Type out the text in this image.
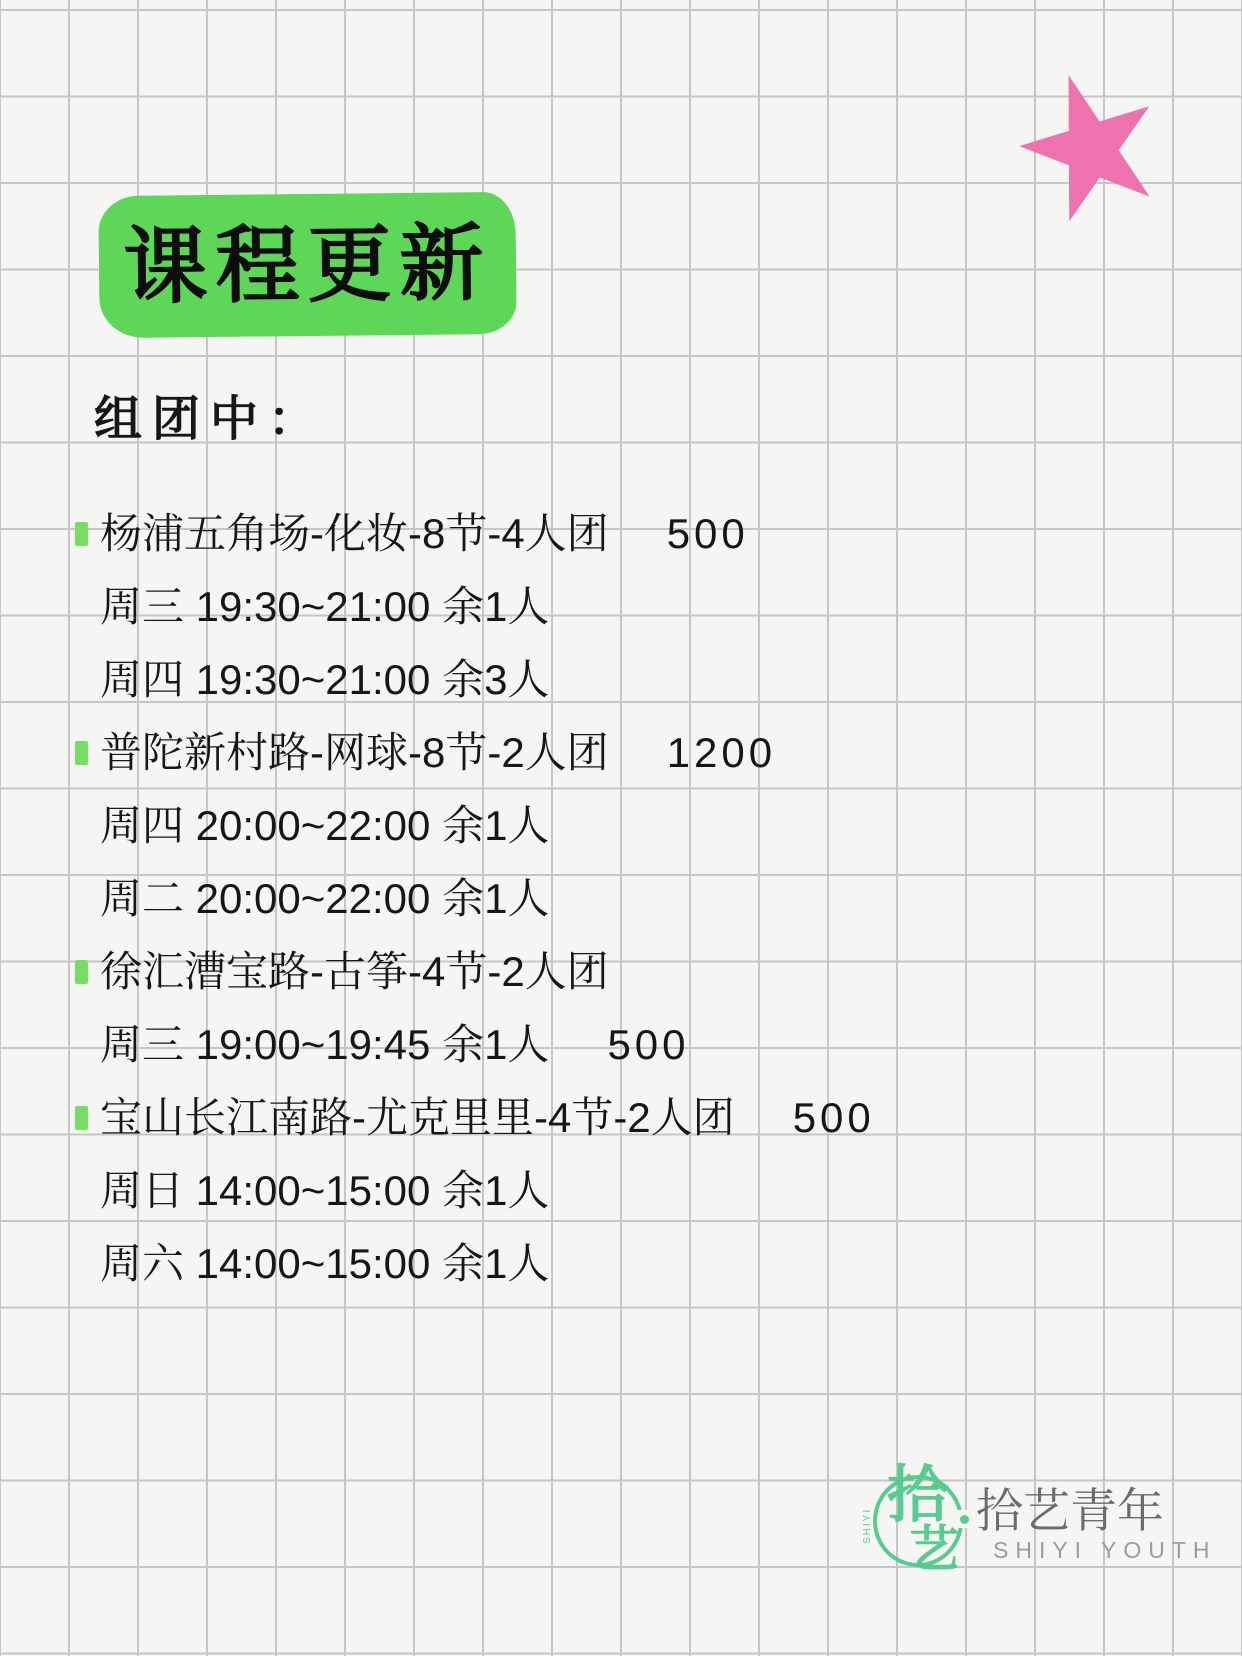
课程更新
组团中：
杨浦五角场-化妆-8节-4人团 500
周三 19:30~21:00 余1人
周四 19:30~21:00 余3人
普陀新村路-网球-8节-2人团 1200
周四 20:00~22:00 余1人
周二 20:00~22:00 余1人
徐汇漕宝路-古筝-4节-2人团
周三 19:00~19:45 余1人 500
宝山长江南路-尤克里里-4节-2人团 500
周日 14:00~15:00 余1人
周六 14:00~15:00 余1人
拾
艺
SHIYI 拾艺青年
SHIYI YOUTH
